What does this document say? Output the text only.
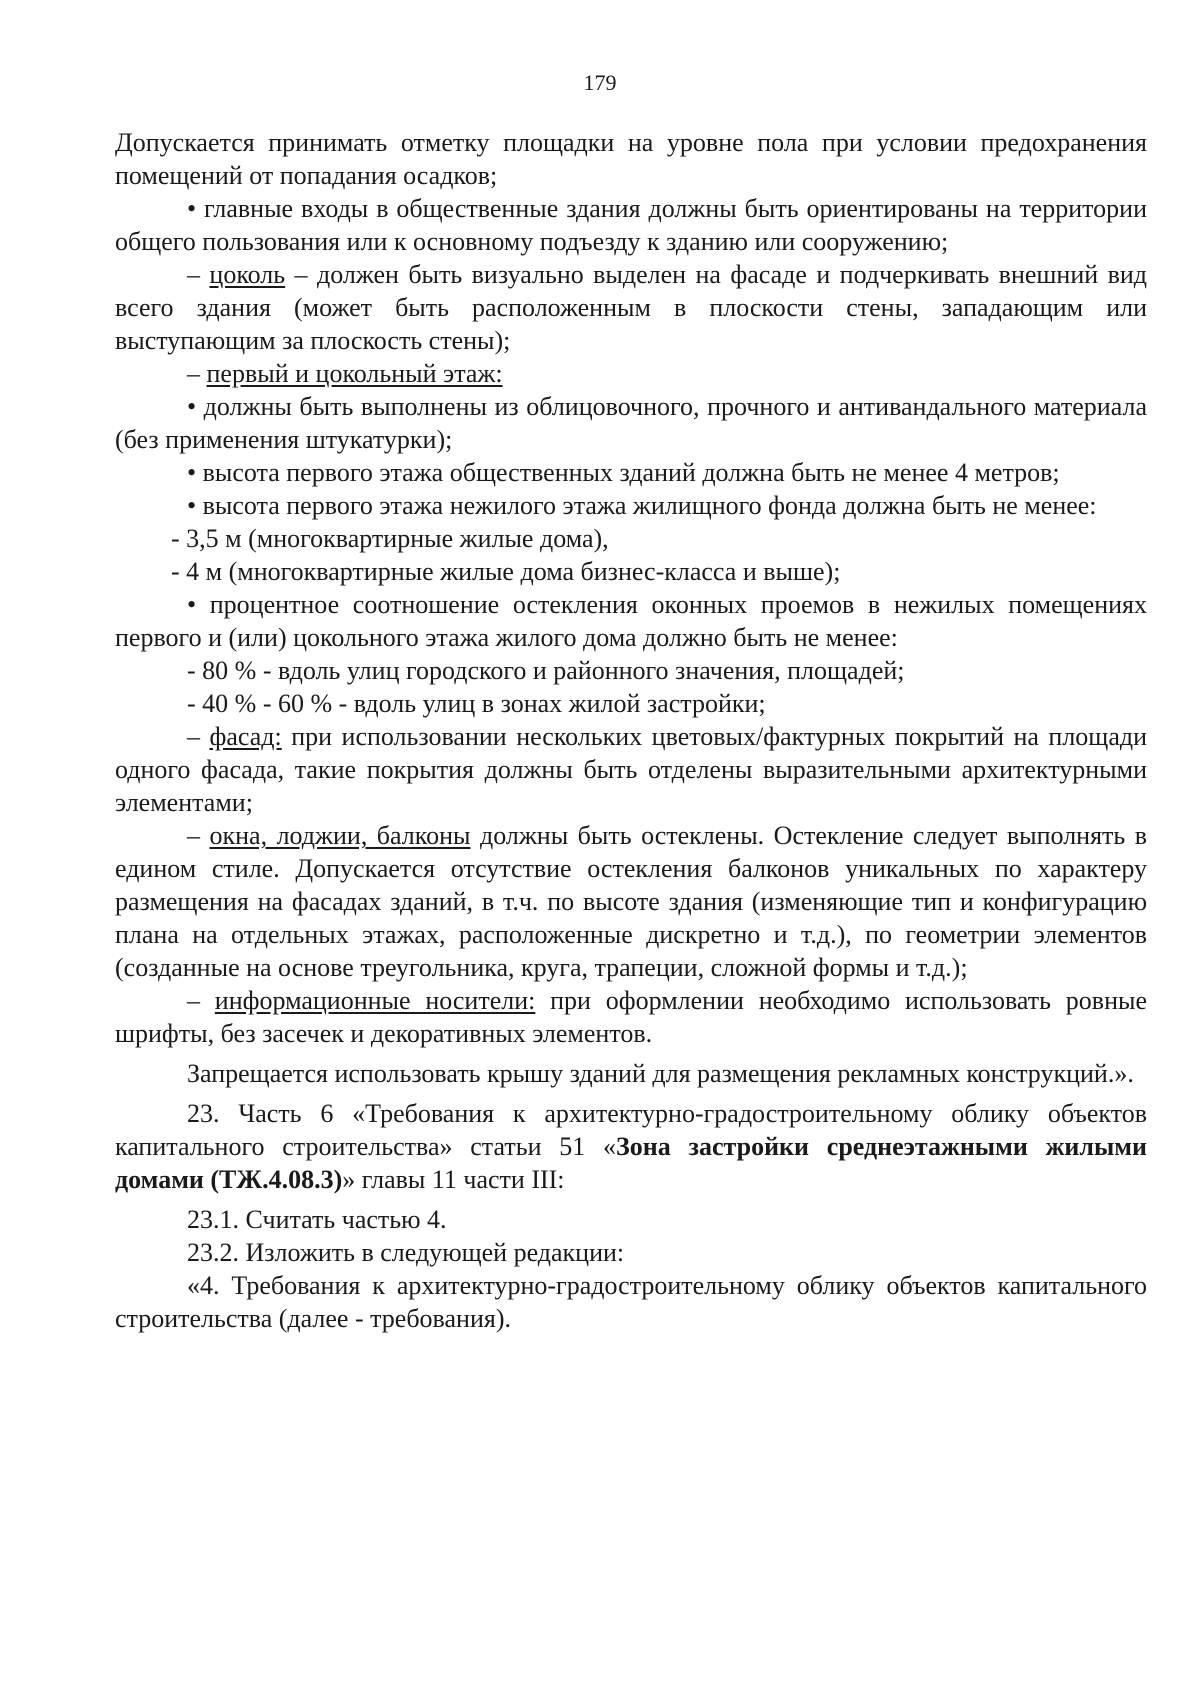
179

Допускается принимать отметку площадки на уровне пола при условии предохранения помещений от попадания осадков;

• главные входы в общественные здания должны быть ориентированы на территории общего пользования или к основному подъезду к зданию или сооружению;

– цоколь – должен быть визуально выделен на фасаде и подчеркивать внешний вид всего здания (может быть расположенным в плоскости стены, западающим или выступающим за плоскость стены);

– первый и цокольный этаж:

• должны быть выполнены из облицовочного, прочного и антивандального материала (без применения штукатурки);

• высота первого этажа общественных зданий должна быть не менее 4 метров;

• высота первого этажа нежилого этажа жилищного фонда должна быть не менее:

- 3,5 м (многоквартирные жилые дома),

- 4 м (многоквартирные жилые дома бизнес-класса и выше);

• процентное соотношение остекления оконных проемов в нежилых помещениях первого и (или) цокольного этажа жилого дома должно быть не менее:

- 80 % - вдоль улиц городского и районного значения, площадей;

- 40 % - 60 % - вдоль улиц в зонах жилой застройки;

– фасад: при использовании нескольких цветовых/фактурных покрытий на площади одного фасада, такие покрытия должны быть отделены выразительными архитектурными элементами;

– окна, лоджии, балконы должны быть остеклены. Остекление следует выполнять в едином стиле. Допускается отсутствие остекления балконов уникальных по характеру размещения на фасадах зданий, в т.ч. по высоте здания (изменяющие тип и конфигурацию плана на отдельных этажах, расположенные дискретно и т.д.), по геометрии элементов (созданные на основе треугольника, круга, трапеции, сложной формы и т.д.);

– информационные носители: при оформлении необходимо использовать ровные шрифты, без засечек и декоративных элементов.

Запрещается использовать крышу зданий для размещения рекламных конструкций.».

23. Часть 6 «Требования к архитектурно-градостроительному облику объектов капитального строительства» статьи 51 «Зона застройки среднеэтажными жилыми домами (ТЖ.4.08.3)» главы 11 части III:

23.1. Считать частью 4.

23.2. Изложить в следующей редакции:

«4. Требования к архитектурно-градостроительному облику объектов капитального строительства (далее - требования).
